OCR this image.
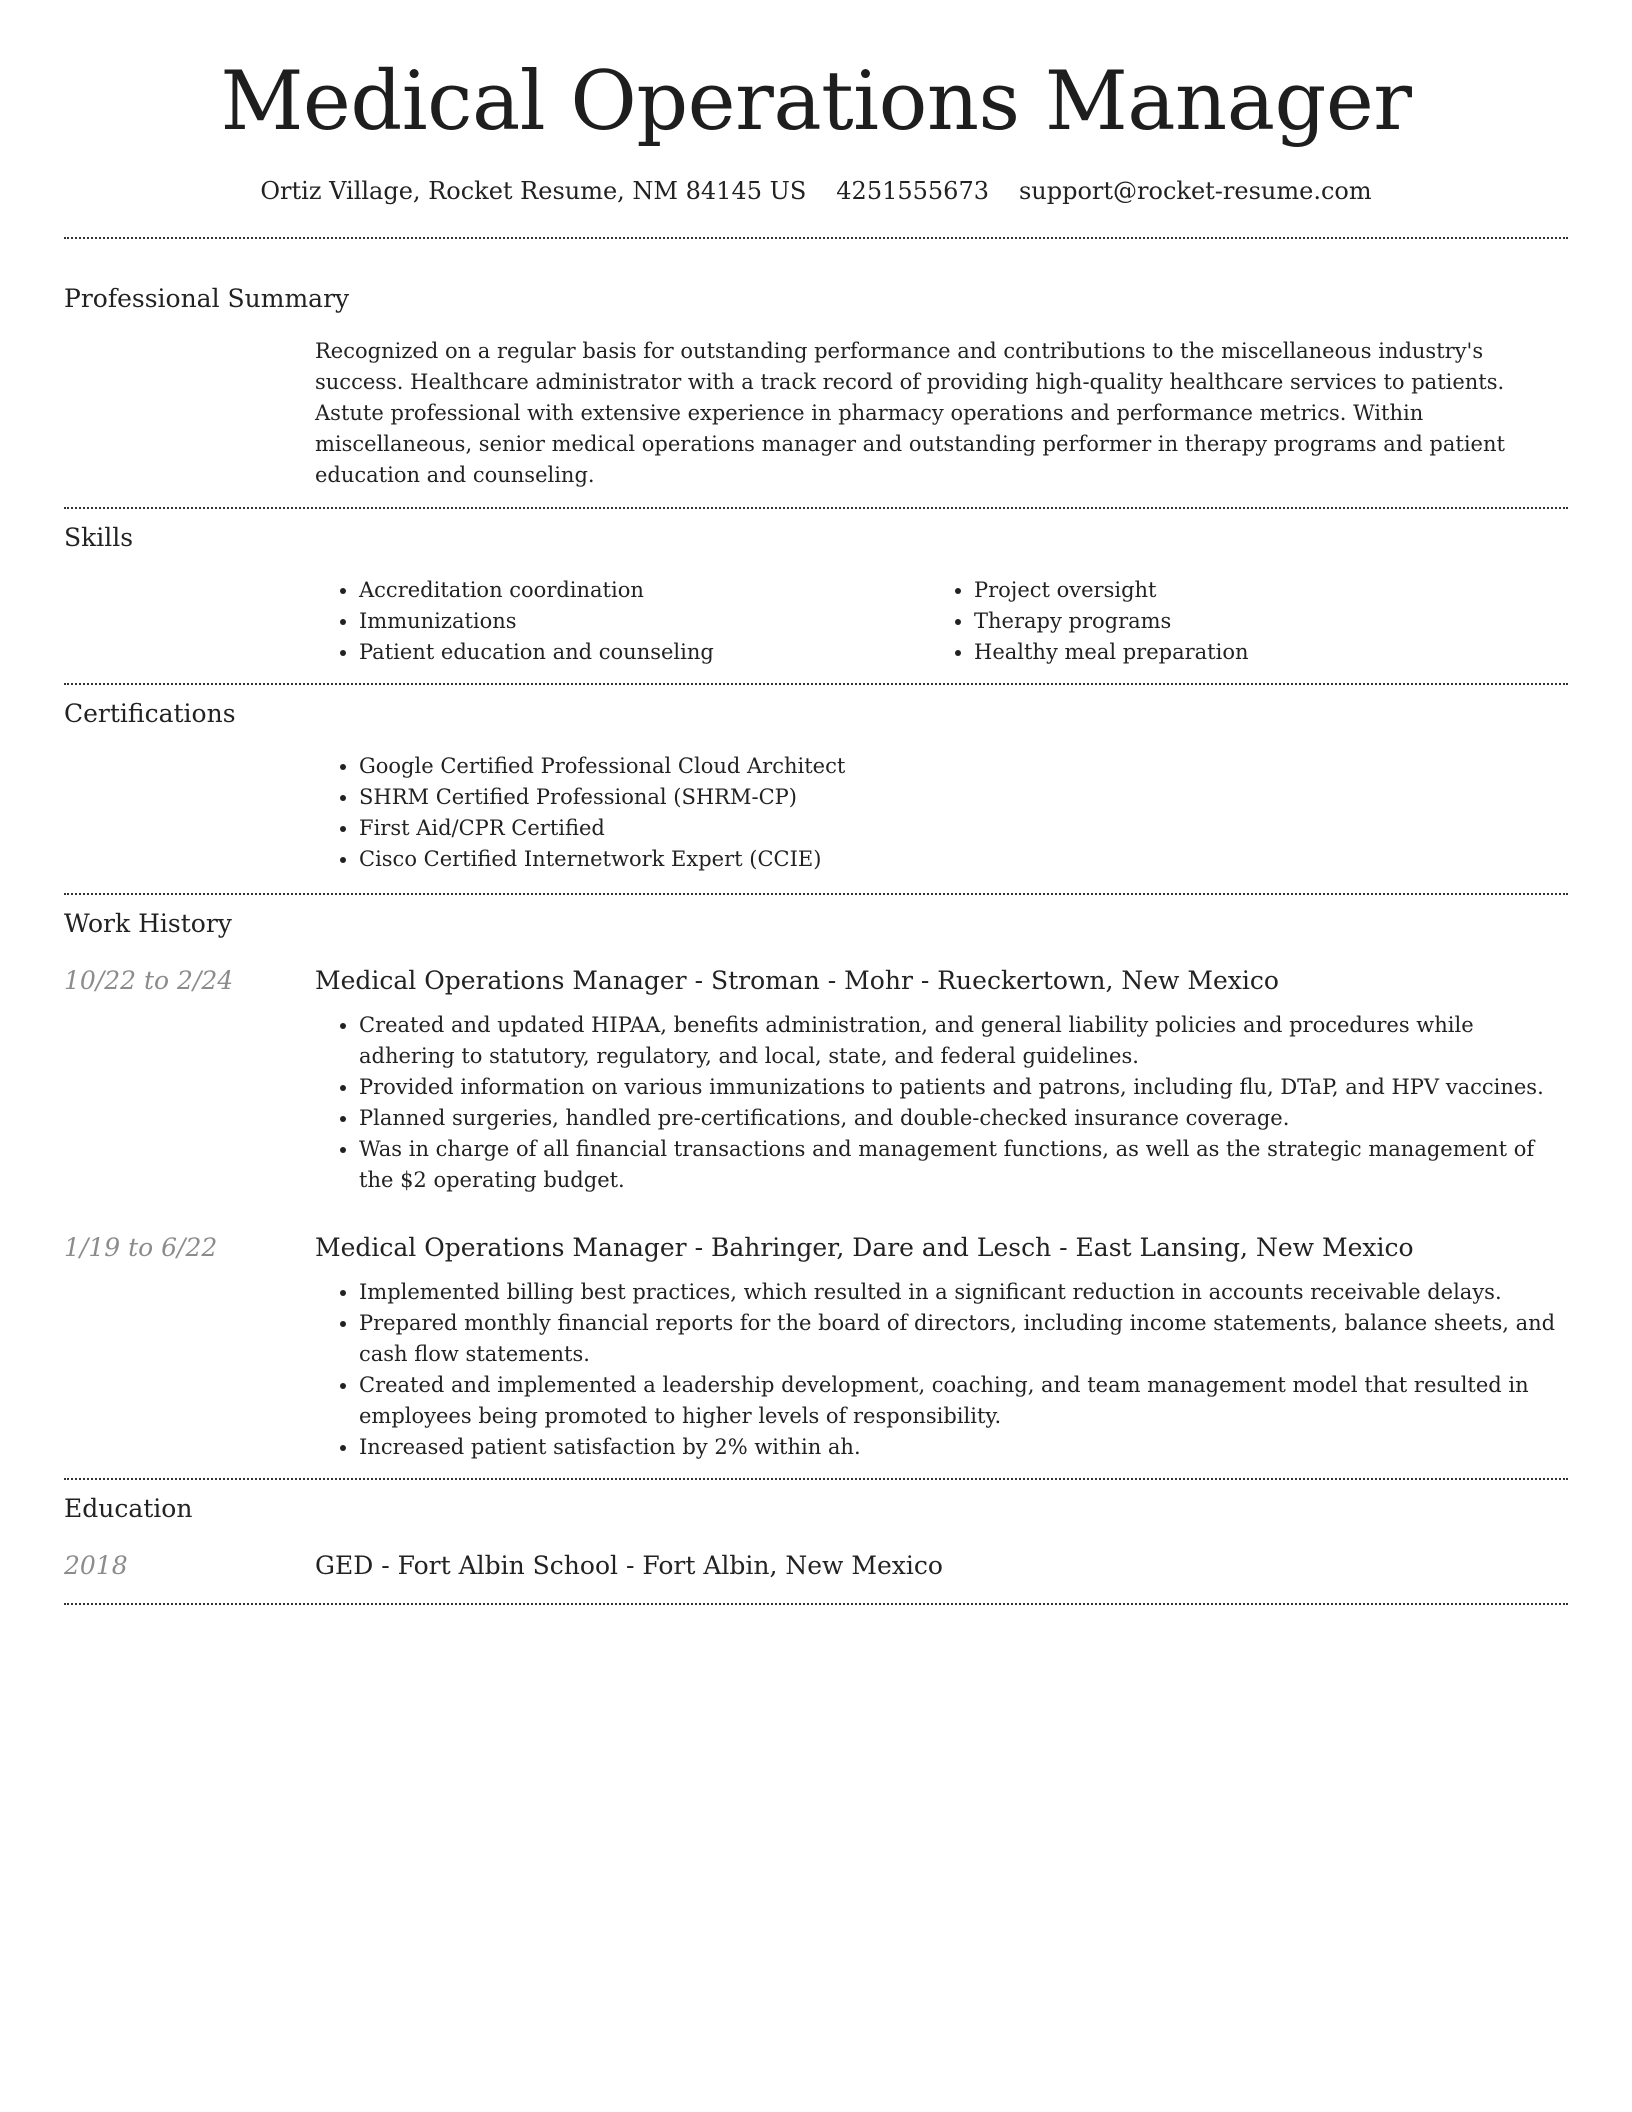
Medical Operations Manager
Ortiz Village, Rocket Resume, NM 84145 US 4251555673 support@rocket-resume.com
Professional Summary

Recognized on a regular basis for outstanding performance and contributions to the miscellaneous industry's success. Healthcare administrator with a track record of providing high-quality healthcare services to patients. Astute professional with extensive experience in pharmacy operations and performance metrics. Within miscellaneous, senior medical operations manager and outstanding performer in therapy programs and patient education and counseling.

Skills
• Accreditation coordination
• Immunizations
• Patient education and counseling
• Project oversight
• Therapy programs
• Healthy meal preparation
Certifications
• Google Certified Professional Cloud Architect
• SHRM Certified Professional (SHRM-CP)
• First Aid/CPR Certified
• Cisco Certified Internetwork Expert (CCIE)
Work History
10/22 to 2/24	Medical Operations Manager - Stroman - Mohr - Rueckertown, New Mexico
• Created and updated HIPAA, benefits administration, and general liability policies and procedures while adhering to statutory, regulatory, and local, state, and federal guidelines.
• Provided information on various immunizations to patients and patrons, including flu, DTaP, and HPV vaccines.
• Planned surgeries, handled pre-certifications, and double-checked insurance coverage.
• Was in charge of all financial transactions and management functions, as well as the strategic management of the $2 operating budget.
1/19 to 6/22	Medical Operations Manager - Bahringer, Dare and Lesch - East Lansing, New Mexico
• Implemented billing best practices, which resulted in a significant reduction in accounts receivable delays.
• Prepared monthly financial reports for the board of directors, including income statements, balance sheets, and cash flow statements.
• Created and implemented a leadership development, coaching, and team management model that resulted in employees being promoted to higher levels of responsibility.
• Increased patient satisfaction by 2% within ah.
Education
2018	GED - Fort Albin School - Fort Albin, New Mexico
